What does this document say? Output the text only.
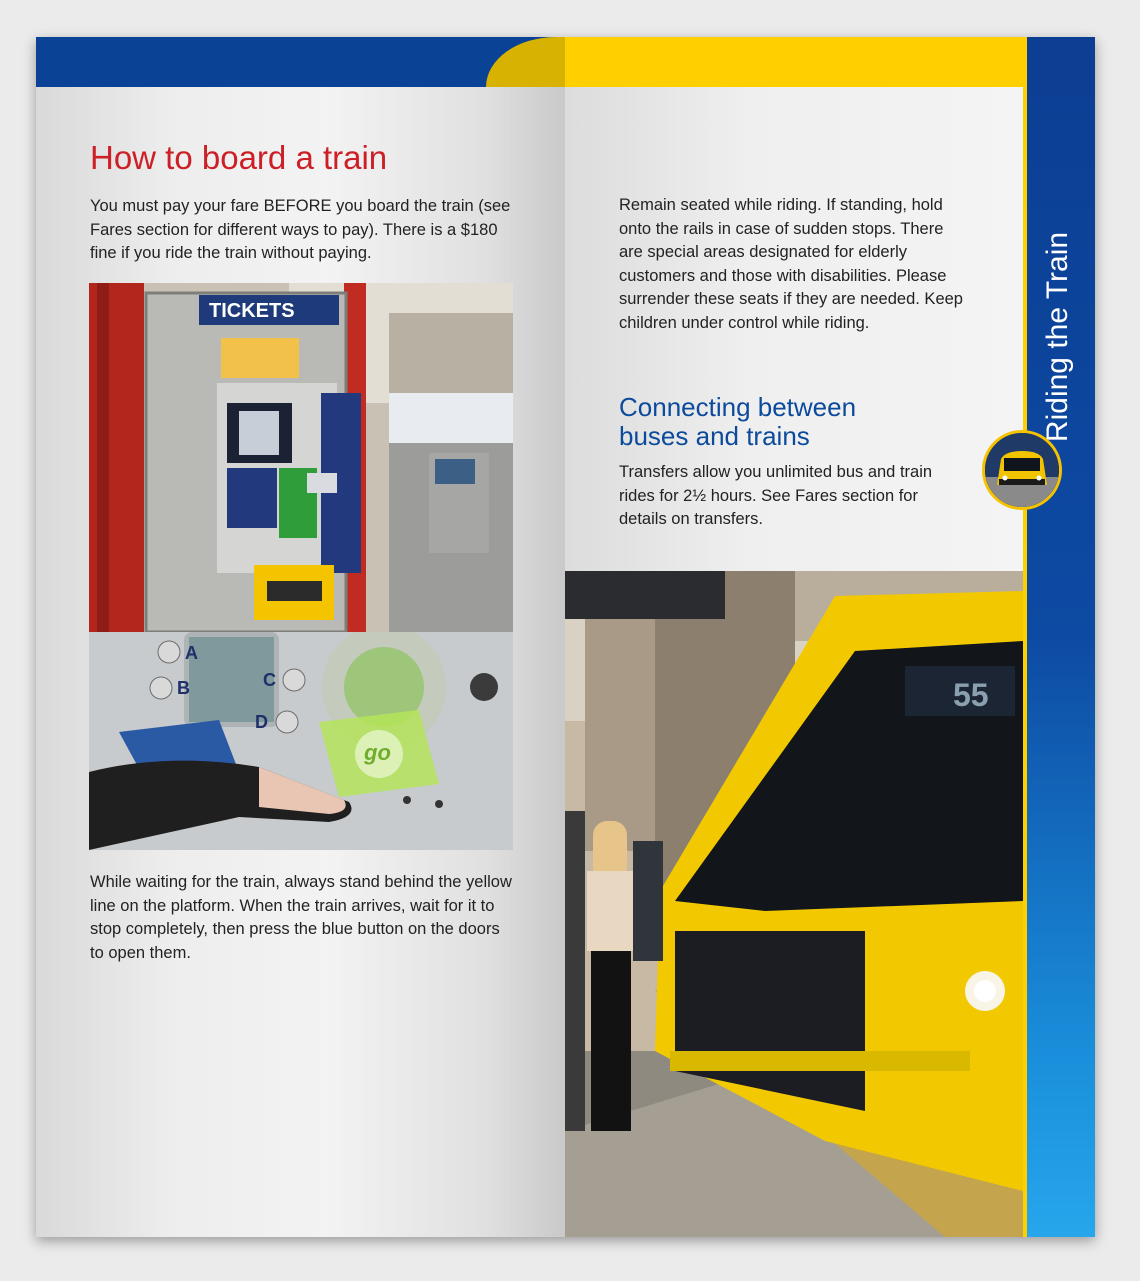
Riding the Train
How to board a train

You must pay your fare BEFORE you board the train (see Fares section for different ways to pay). There is a $180 fine if you ride the train without paying.

TICKETS
A
B	C
D
go

While waiting for the train, always stand behind the yellow line on the platform. When the train arrives, wait for it to stop completely, then press the blue button on the doors to open them.

Remain seated while riding. If standing, hold onto the rails in case of sudden stops. There are special areas designated for elderly customers and those with disabilities. Please surrender these seats if they are needed. Keep children under control while riding.

Connecting between buses and trains

Transfers allow you unlimited bus and train rides for 2½ hours. See Fares section for details on transfers.

55
